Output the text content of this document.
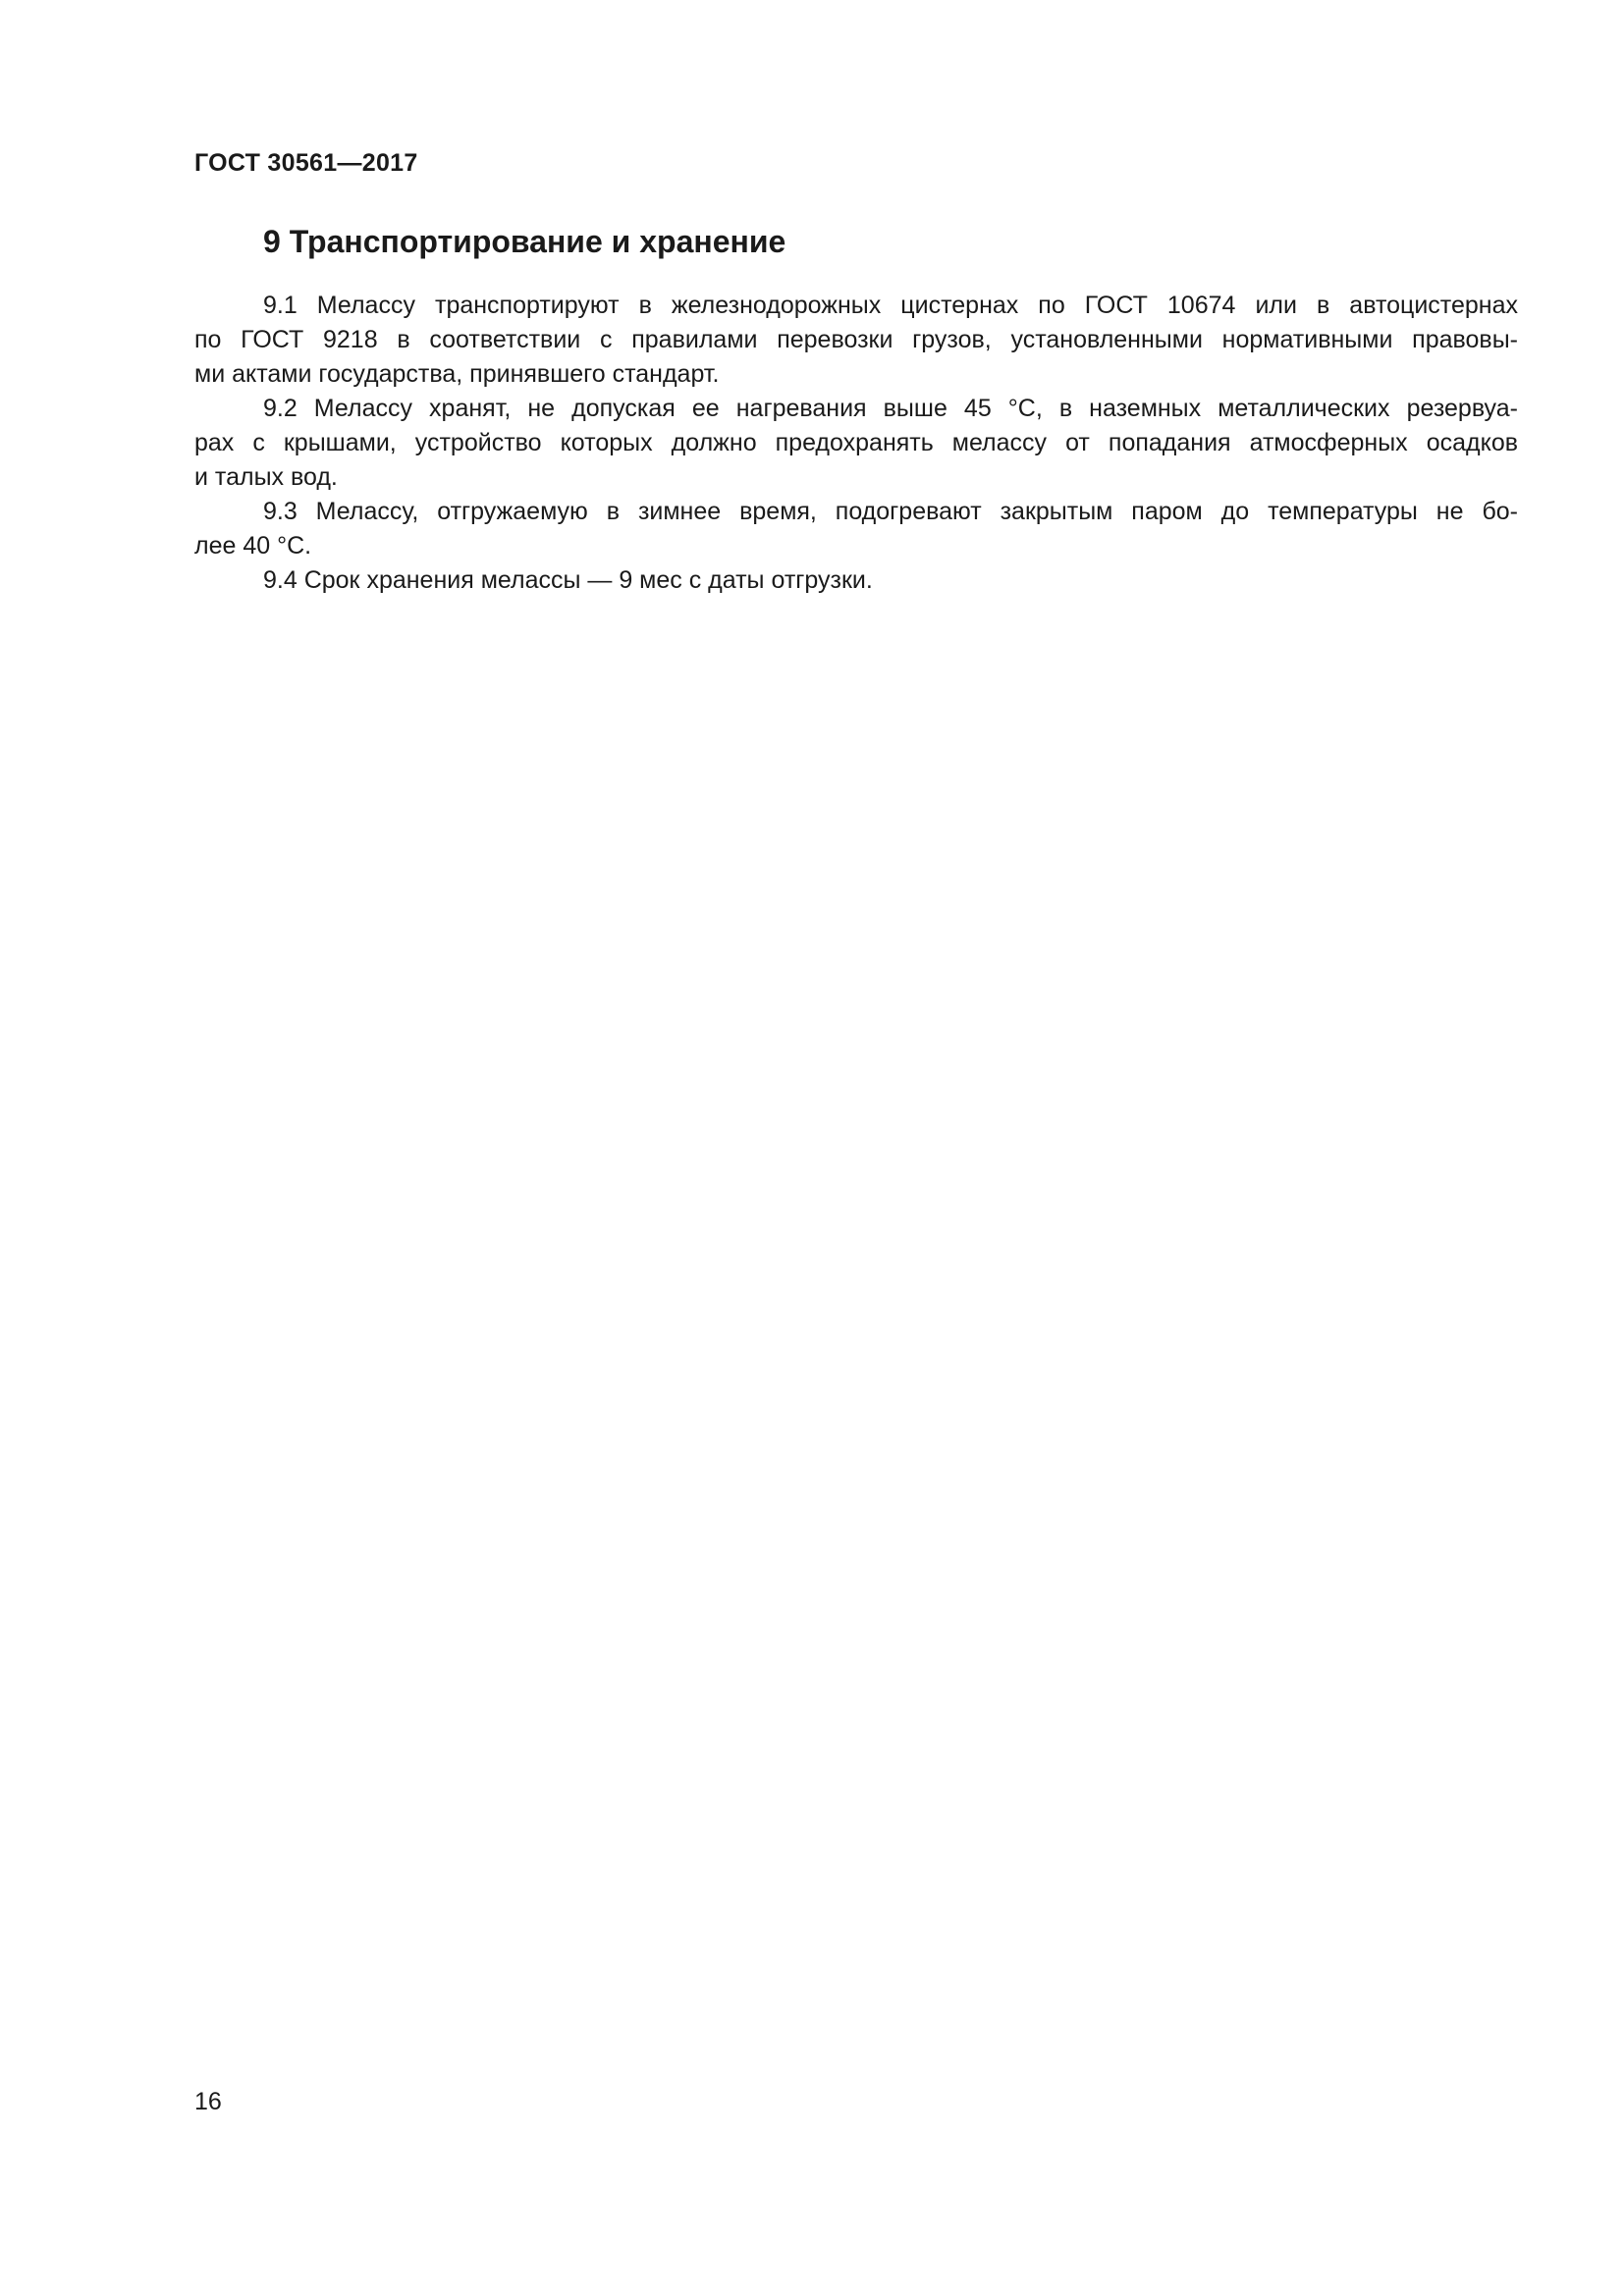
ГОСТ 30561—2017

9 Транспортирование и хранение

9.1 Мелассу транспортируют в железнодорожных цистернах по ГОСТ 10674 или в автоцистернах
по ГОСТ 9218 в соответствии с правилами перевозки грузов, установленными нормативными правовы-
ми актами государства, принявшего стандарт.

9.2 Мелассу хранят, не допуская ее нагревания выше 45 °С, в наземных металлических резервуа-
рах с крышами, устройство которых должно предохранять мелассу от попадания атмосферных осадков
и талых вод.

9.3 Мелассу, отгружаемую в зимнее время, подогревают закрытым паром до температуры не бо-
лее 40 °С.

9.4 Срок хранения мелассы — 9 мес с даты отгрузки.

16
